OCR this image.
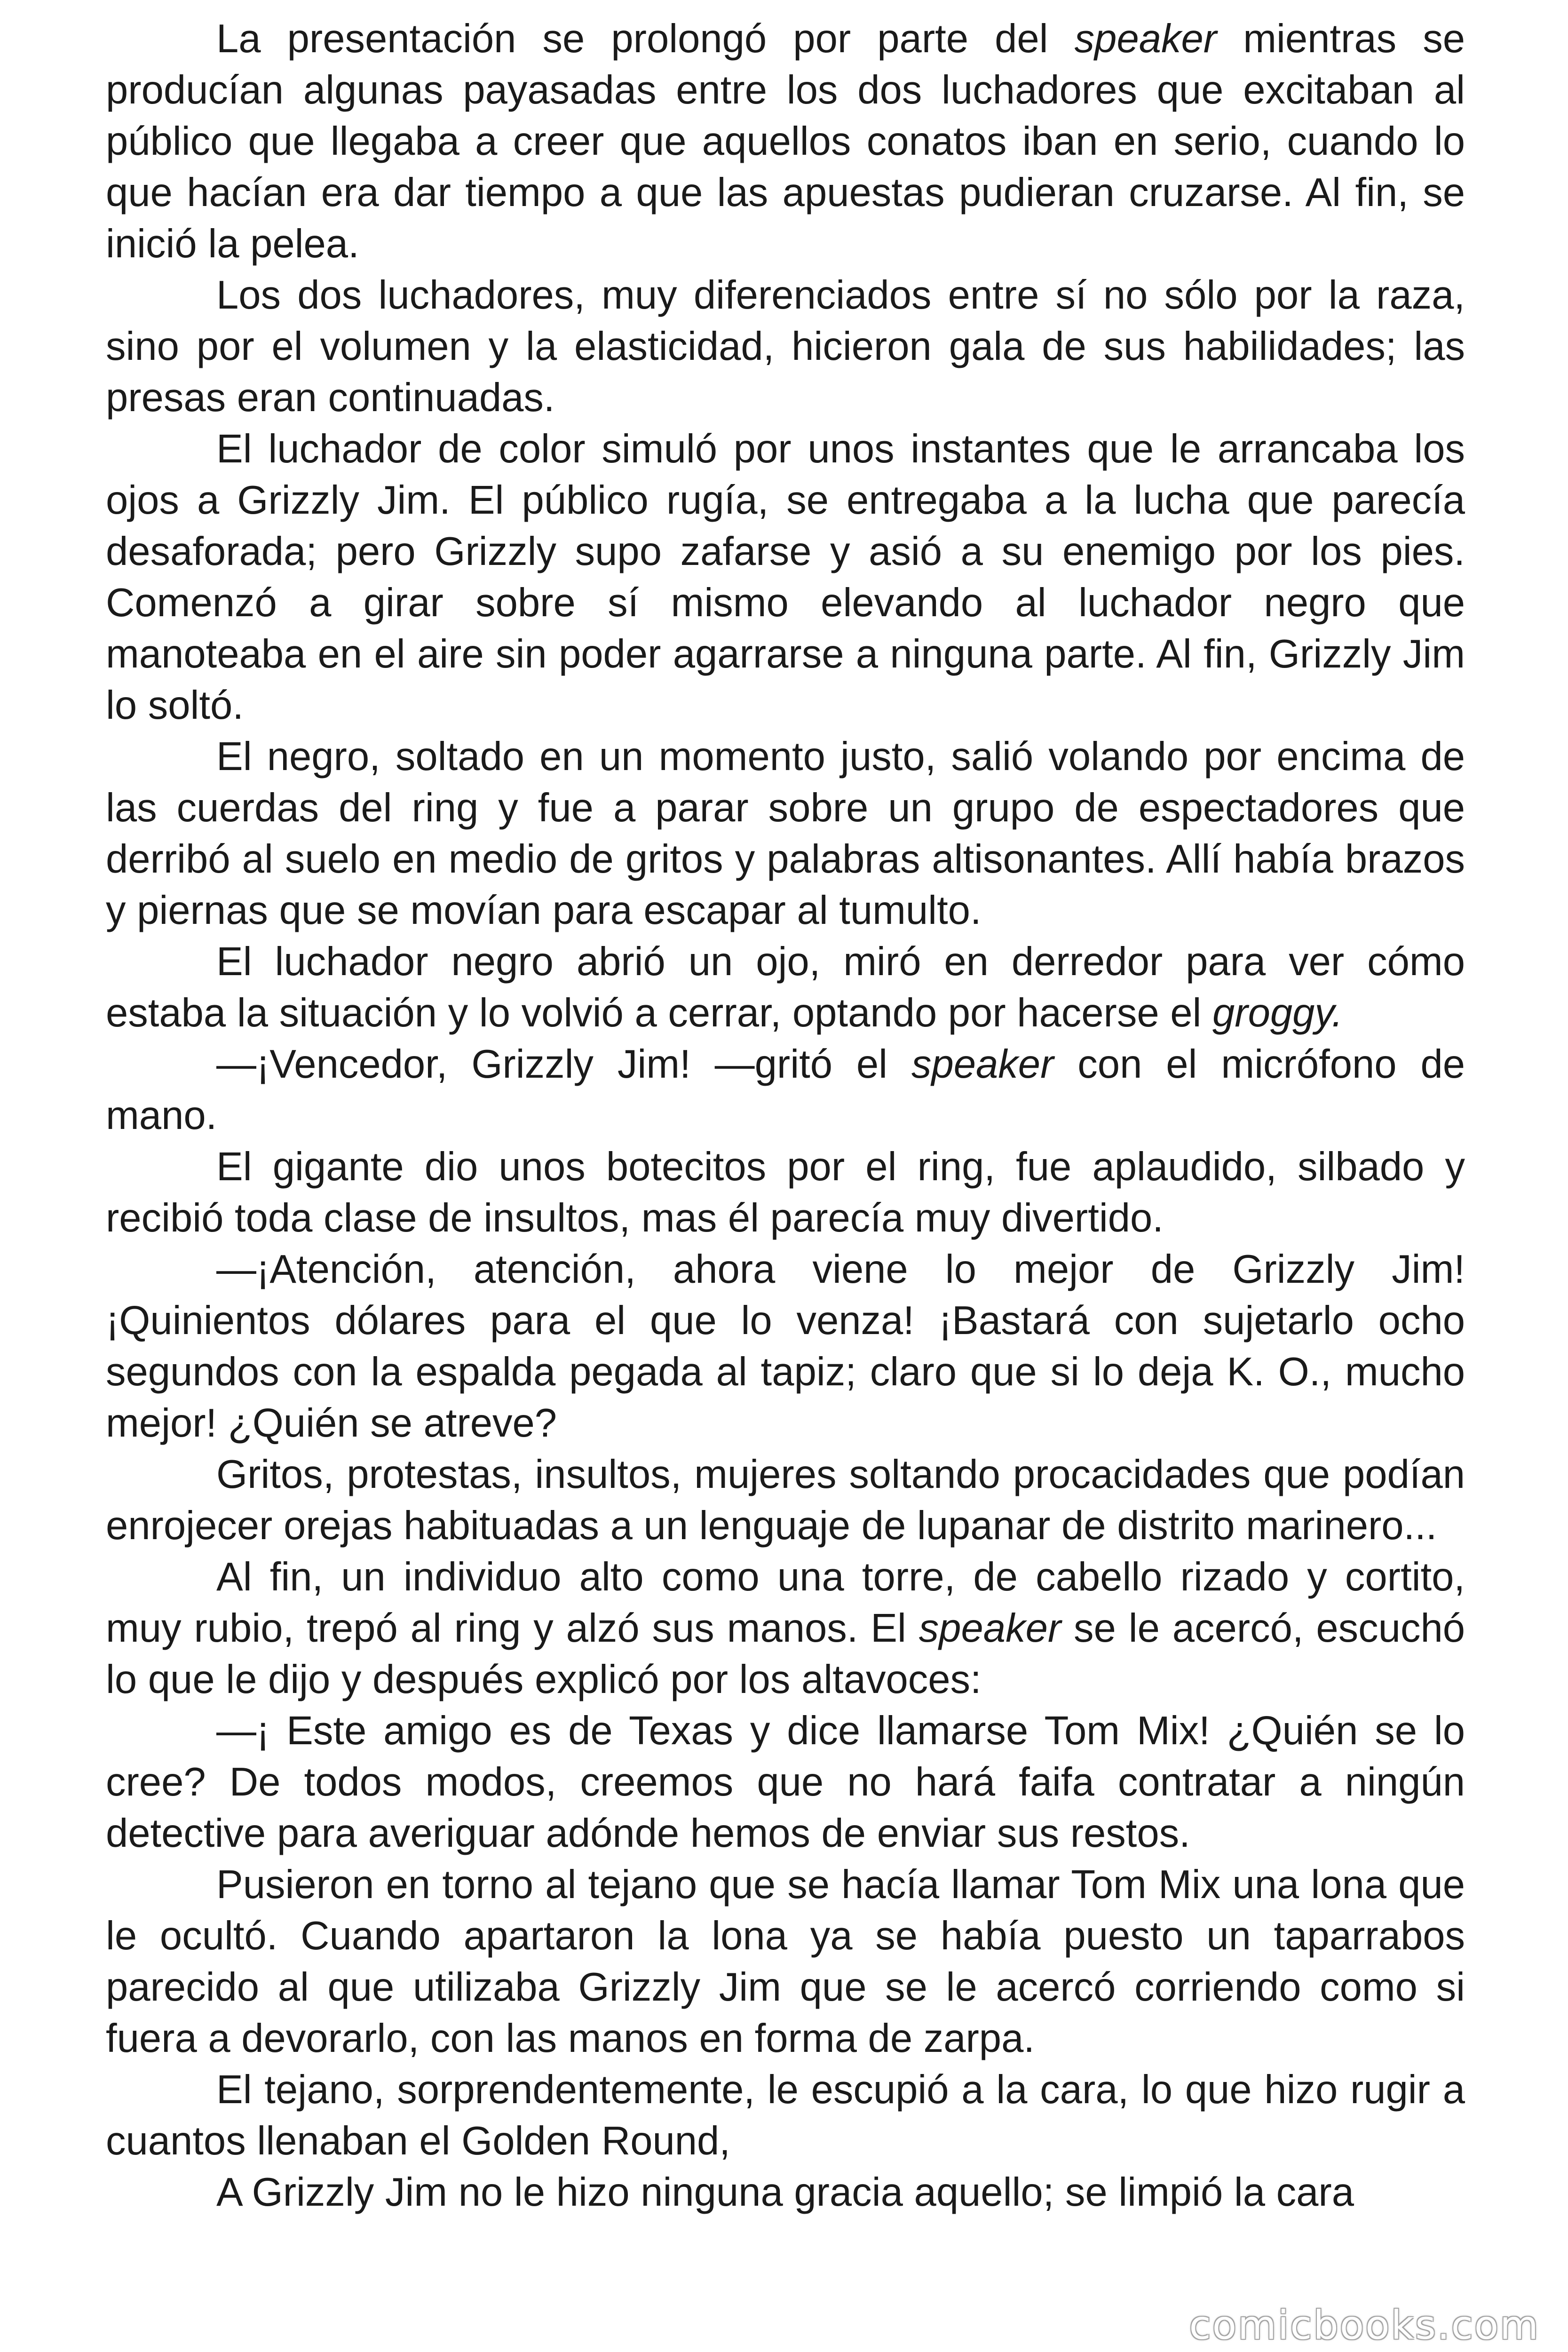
La presentación se prolongó por parte del speaker mientras se producían algunas payasadas entre los dos luchadores que excitaban al público que llegaba a creer que aquellos conatos iban en serio, cuando lo que hacían era dar tiempo a que las apuestas pudieran cruzarse. Al fin, se inició la pelea.

Los dos luchadores, muy diferenciados entre sí no sólo por la raza, sino por el volumen y la elasticidad, hicieron gala de sus habilidades; las presas eran continuadas.

El luchador de color simuló por unos instantes que le arrancaba los ojos a Grizzly Jim. El público rugía, se entregaba a la lucha que parecía desaforada; pero Grizzly supo zafarse y asió a su enemigo por los pies. Comenzó a girar sobre sí mismo elevando al luchador negro que manoteaba en el aire sin poder agarrarse a ninguna parte. Al fin, Grizzly Jim lo soltó.

El negro, soltado en un momento justo, salió volando por encima de las cuerdas del ring y fue a parar sobre un grupo de espectadores que derribó al suelo en medio de gritos y palabras altisonantes. Allí había brazos y piernas que se movían para escapar al tumulto.

El luchador negro abrió un ojo, miró en derredor para ver cómo estaba la situación y lo volvió a cerrar, optando por hacerse el groggy.

—¡Vencedor, Grizzly Jim! —gritó el speaker con el micrófono de mano.

El gigante dio unos botecitos por el ring, fue aplaudido, silbado y recibió toda clase de insultos, mas él parecía muy divertido.

—¡Atención, atención, ahora viene lo mejor de Grizzly Jim! ¡Quinientos dólares para el que lo venza! ¡Bastará con sujetarlo ocho segundos con la espalda pegada al tapiz; claro que si lo deja K. O., mucho mejor! ¿Quién se atreve?

Gritos, protestas, insultos, mujeres soltando procacidades que podían enrojecer orejas habituadas a un lenguaje de lupanar de distrito marinero...

Al fin, un individuo alto como una torre, de cabello rizado y cortito, muy rubio, trepó al ring y alzó sus manos. El speaker se le acercó, escuchó lo que le dijo y después explicó por los altavoces:

—¡ Este amigo es de Texas y dice llamarse Tom Mix! ¿Quién se lo cree? De todos modos, creemos que no hará faifa contratar a ningún detective para averiguar adónde hemos de enviar sus restos.

Pusieron en torno al tejano que se hacía llamar Tom Mix una lona que le ocultó. Cuando apartaron la lona ya se había puesto un taparrabos parecido al que utilizaba Grizzly Jim que se le acercó corriendo como si fuera a devorarlo, con las manos en forma de zarpa.

El tejano, sorprendentemente, le escupió a la cara, lo que hizo rugir a cuantos llenaban el Golden Round,

A Grizzly Jim no le hizo ninguna gracia aquello; se limpió la cara

comicbooks.com
